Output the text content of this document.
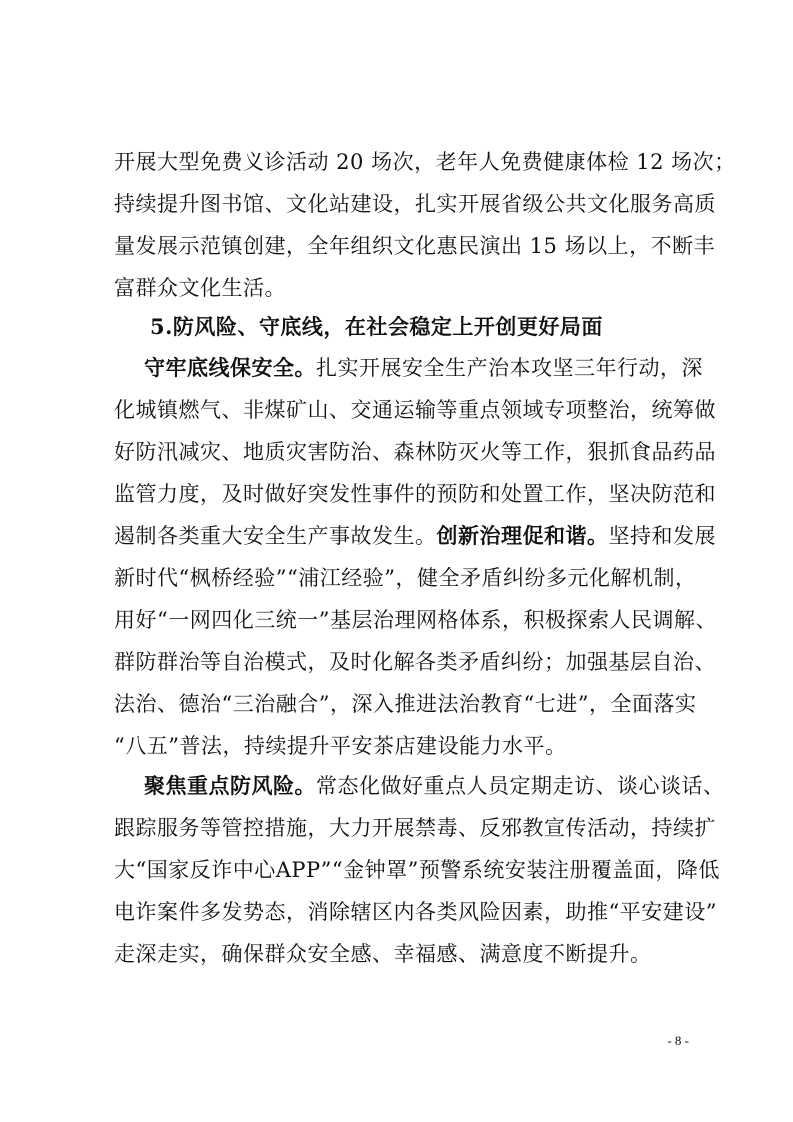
开展大型免费义诊活动 20 场次，老年人免费健康体检 12 场次；
持续提升图书馆、文化站建设，扎实开展省级公共文化服务高质
量发展示范镇创建，全年组织文化惠民演出 15 场以上，不断丰
富群众文化生活。
5.防风险、守底线，在社会稳定上开创更好局面
守牢底线保安全。扎实开展安全生产治本攻坚三年行动，深
化城镇燃气、非煤矿山、交通运输等重点领域专项整治，统筹做
好防汛减灾、地质灾害防治、森林防灭火等工作，狠抓食品药品
监管力度，及时做好突发性事件的预防和处置工作，坚决防范和
遏制各类重大安全生产事故发生。创新治理促和谐。坚持和发展
新时代“枫桥经验”“浦江经验”，健全矛盾纠纷多元化解机制，
用好“一网四化三统一”基层治理网格体系，积极探索人民调解、
群防群治等自治模式，及时化解各类矛盾纠纷；加强基层自治、
法治、德治“三治融合”，深入推进法治教育“七进”，全面落实
“八五”普法，持续提升平安茶店建设能力水平。
聚焦重点防风险。常态化做好重点人员定期走访、谈心谈话、
跟踪服务等管控措施，大力开展禁毒、反邪教宣传活动，持续扩
大“国家反诈中心APP”“金钟罩”预警系统安装注册覆盖面，降低
电诈案件多发势态，消除辖区内各类风险因素，助推“平安建设”
走深走实，确保群众安全感、幸福感、满意度不断提升。
- 8 -
